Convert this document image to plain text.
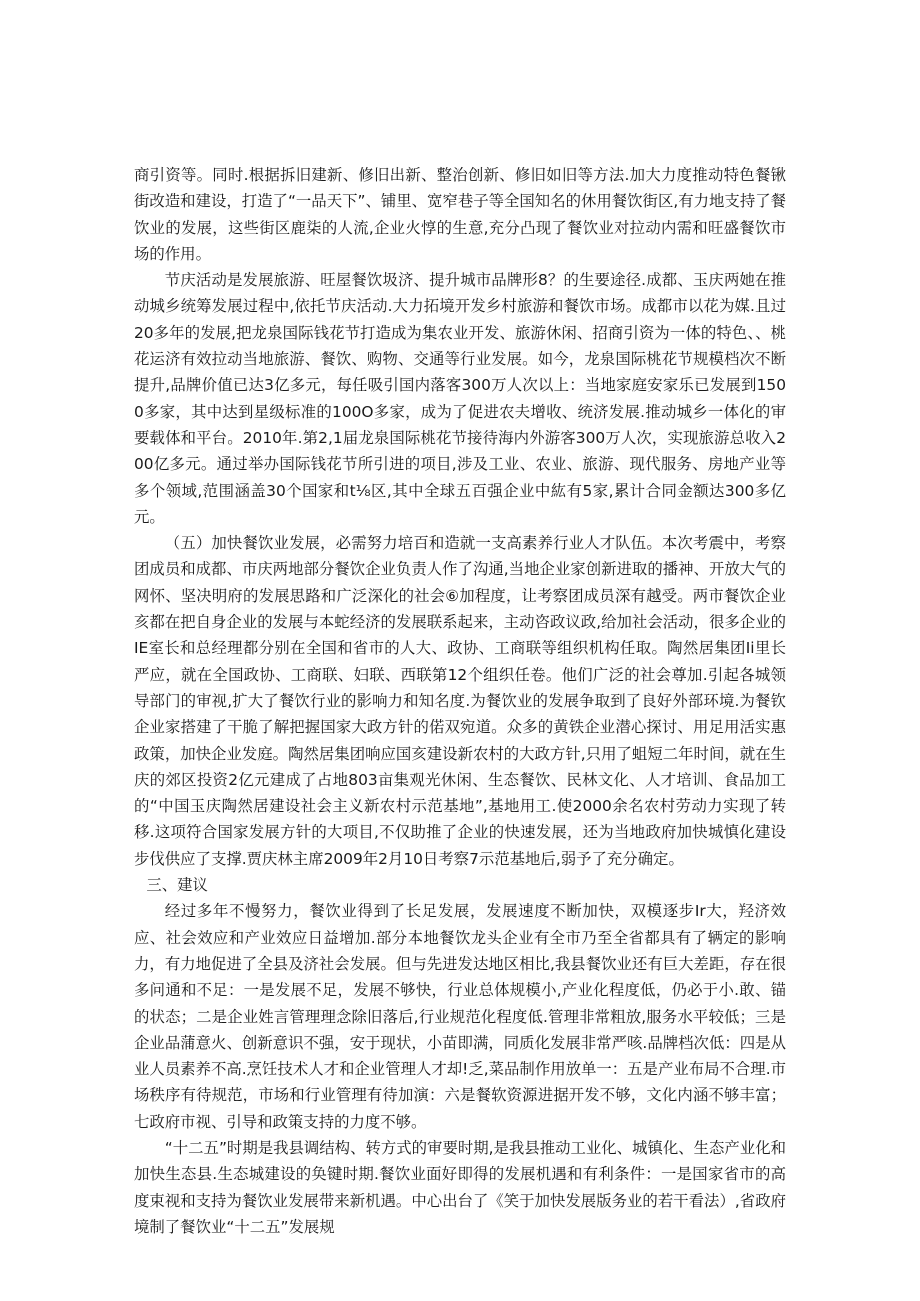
商引资等。同时.根据拆旧建新、修旧出新、整治创新、修旧如旧等方法.加大力度推动特色餐锹街改造和建设，打造了“一品天下”、铺里、宽窄巷子等全国知名的休用餐饮街区,有力地支持了餐饮业的发展，这些街区鹿柒的人流,企业火惇的生意,充分凸现了餐饮业对拉动内需和旺盛餐饮市场的作用。

节庆活动是发展旅游、旺屋餐饮圾济、提升城市品牌形8？的生要途径.成都、玉庆两她在推动城乡统筹发展过程中,依托节庆活动.大力拓境开发乡村旅游和餐饮市场。成都市以花为媒.且过20多年的发展,把龙泉国际钱花节打造成为集农业开发、旅游休闲、招商引资为一体的特色、、桃花运济有效拉动当地旅游、餐饮、购物、交通等行业发展。如今，龙泉国际桃花节规模档次不断提升,品牌价值已达3亿多元，每任吸引国内落客300万人次以上：当地家庭安家乐已发展到1500多家，其中达到星级标准的100O多家，成为了促进农夫增收、统济发展.推动城乡一体化的审要载体和平台。2010年.第2,1届龙泉国际桃花节接待海内外游客300万人次，实现旅游总收入200亿多元。通过举办国际钱花节所引进的项目,涉及工业、农业、旅游、现代服务、房地产业等多个领域,范围涵盖30个国家和t⅛区,其中全球五百强企业中紘有5家,累计合同金额达300多亿元。

（五）加快餐饮业发展，必需努力培百和造就一支高素养行业人才队伍。本次考震中，考察团成员和成都、市庆两地部分餐饮企业负责人作了沟通,当地企业家创新进取的播神、开放大气的网怀、坚决明府的发展思路和广泛深化的社会⑥加程度，让考察团成员深有越受。两市餐饮企业亥都在把自身企业的发展与本蛇经济的发展联系起来，主动咨政议政,给加社会活动，很多企业的IE室长和总经理都分别在全国和省市的人大、政协、工商联等组织机构任取。陶然居集团Ii里长严应，就在全国政协、工商联、妇联、西联第12个组织任卷。他们广泛的社会尊加.引起各城领导部门的审视,扩大了餐饮行业的影响力和知名度.为餐饮业的发展争取到了良好外部环境.为餐钦企业家搭建了干脆了解把握国家大政方针的偌双宛道。众多的黄铁企业潜心探讨、用足用活实惠政策，加快企业发庭。陶然居集团响应国亥建设新农村的大政方针,只用了蛆短二年时间，就在生庆的郊区投资2亿元建成了占地803亩集观光休闲、生态餐饮、民林文化、人才培训、食品加工的“中国玉庆陶然居建设社会主义新农村示范基地”,基地用工.使2000余名农村劳动力实现了转移.这项符合国家发展方针的大项目,不仅助推了企业的快速发展，还为当地政府加快城慎化建设步伐供应了支撑.贾庆林主席2009年2月10日考察7示范基地后,弱予了充分确定。

三、建议

经过多年不慢努力，餐饮业得到了长足发展，发展速度不断加快，双模逐步Ir大，羟济效应、社会效应和产业效应日益增加.部分本地餐饮龙头企业有全市乃至全省都具有了辆定的影响力，有力地促进了全县及济社会发展。但与先进发达地区相比,我县餐饮业还有巨大差距，存在很多问通和不足：一是发展不足，发展不够快，行业总体规模小,产业化程度低，仍必于小.敢、锚的状态；二是企业姓言管理理念除旧落后,行业规范化程度低.管理非常粗放,服务水平较低；三是企业品蒲意火、创新意识不强，安于现状，小苗即满，同质化发展非常严咳.品牌档次低：四是从业人员素养不高.烹饪技术人才和企业管理人才却!乏,菜品制作用放单一：五是产业布局不合理.市场秩序有待规范，市场和行业管理有待加演：六是餐软资源进据开发不够，文化内涵不够丰富；七政府市视、引导和政策支持的力度不够。

“十二五”时期是我县调结构、转方式的审要时期,是我县推动工业化、城镇化、生态产业化和加快生态县.生态城建设的奂键时期.餐饮业面好即得的发展机遇和有利条件：一是国家省市的高度束视和支持为餐饮业发展带来新机遇。中心出台了《笑于加快发展版务业的若干看法）,省政府境制了餐饮业“十二五”发展规
